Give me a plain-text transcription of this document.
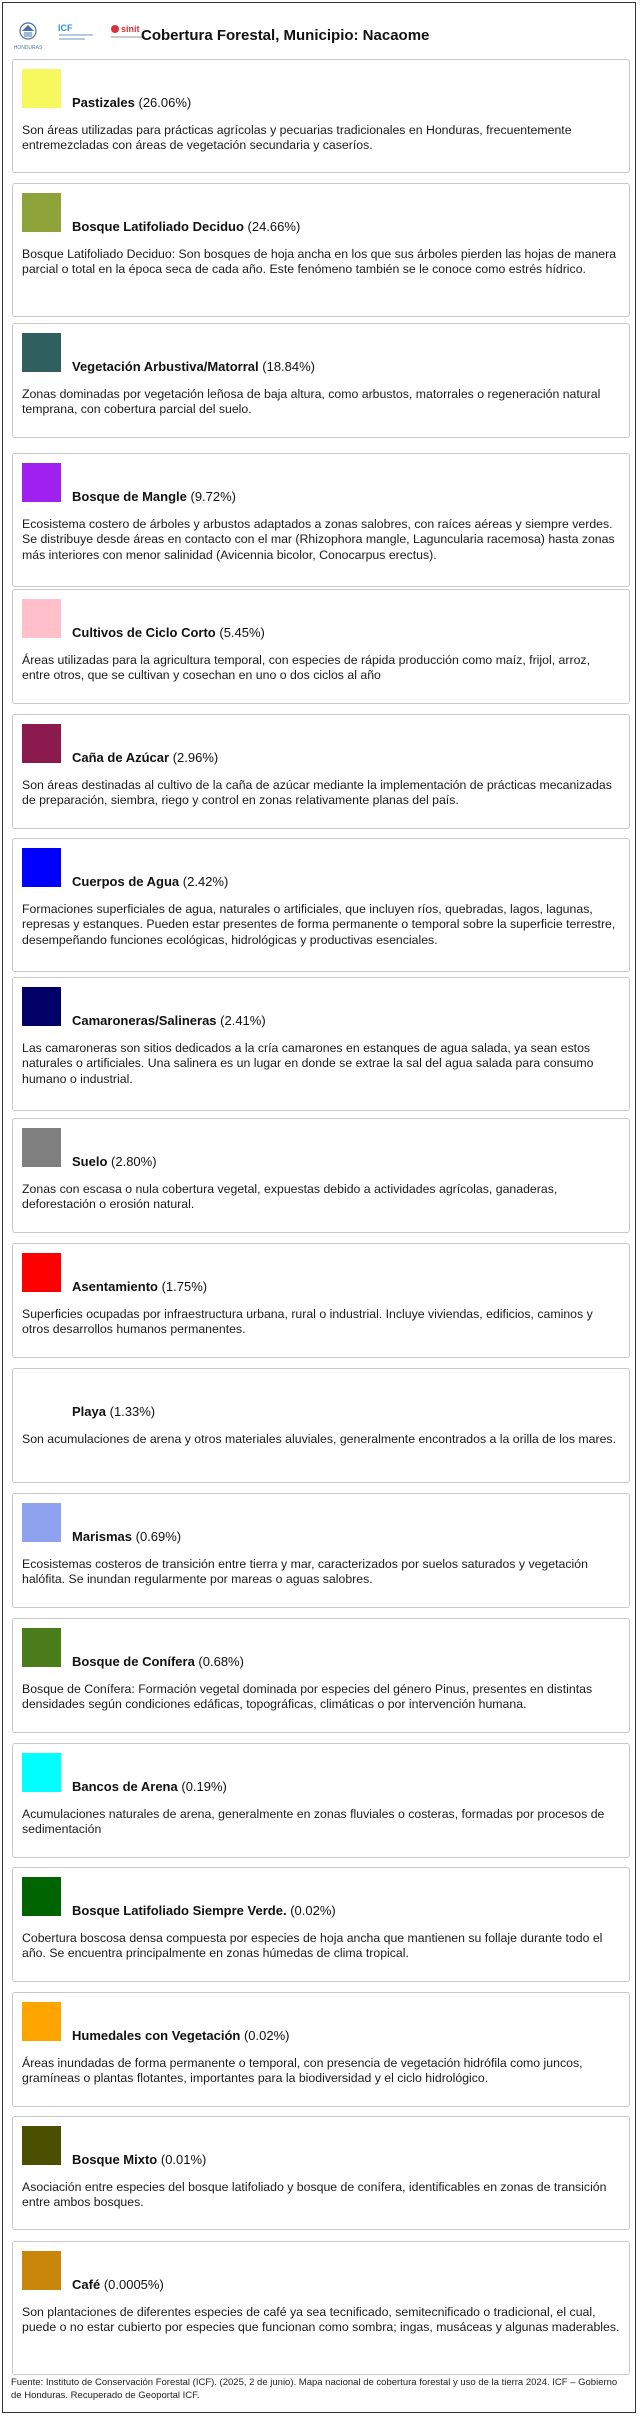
HONDURAS
ICF	sinit Cobertura Forestal, Municipio: Nacaome
Pastizales (26.06%)
Son áreas utilizadas para prácticas agrícolas y pecuarias tradicionales en Honduras, frecuentemente entremezcladas con áreas de vegetación secundaria y caseríos.
Bosque Latifoliado Deciduo (24.66%)
Bosque Latifoliado Deciduo: Son bosques de hoja ancha en los que sus árboles pierden las hojas de manera parcial o total en la época seca de cada año. Este fenómeno también se le conoce como estrés hídrico.
Vegetación Arbustiva/Matorral (18.84%)
Zonas dominadas por vegetación leñosa de baja altura, como arbustos, matorrales o regeneración natural temprana, con cobertura parcial del suelo.
Bosque de Mangle (9.72%)
Ecosistema costero de árboles y arbustos adaptados a zonas salobres, con raíces aéreas y siempre verdes. Se distribuye desde áreas en contacto con el mar (Rhizophora mangle, Laguncularia racemosa) hasta zonas más interiores con menor salinidad (Avicennia bicolor, Conocarpus erectus).
Cultivos de Ciclo Corto (5.45%)
Áreas utilizadas para la agricultura temporal, con especies de rápida producción como maíz, frijol, arroz, entre otros, que se cultivan y cosechan en uno o dos ciclos al año
Caña de Azúcar (2.96%)
Son áreas destinadas al cultivo de la caña de azúcar mediante la implementación de prácticas mecanizadas de preparación, siembra, riego y control en zonas relativamente planas del país.
Cuerpos de Agua (2.42%)
Formaciones superficiales de agua, naturales o artificiales, que incluyen ríos, quebradas, lagos, lagunas, represas y estanques. Pueden estar presentes de forma permanente o temporal sobre la superficie terrestre, desempeñando funciones ecológicas, hidrológicas y productivas esenciales.
Camaroneras/Salineras (2.41%)
Las camaroneras son sitios dedicados a la cría camarones en estanques de agua salada, ya sean estos naturales o artificiales. Una salinera es un lugar en donde se extrae la sal del agua salada para consumo humano o industrial.
Suelo (2.80%)
Zonas con escasa o nula cobertura vegetal, expuestas debido a actividades agrícolas, ganaderas, deforestación o erosión natural.
Asentamiento (1.75%)
Superficies ocupadas por infraestructura urbana, rural o industrial. Incluye viviendas, edificios, caminos y otros desarrollos humanos permanentes.
Playa (1.33%)
Son acumulaciones de arena y otros materiales aluviales, generalmente encontrados a la orilla de los mares.
Marismas (0.69%)
Ecosistemas costeros de transición entre tierra y mar, caracterizados por suelos saturados y vegetación halófita. Se inundan regularmente por mareas o aguas salobres.
Bosque de Conífera (0.68%)
Bosque de Conífera: Formación vegetal dominada por especies del género Pinus, presentes en distintas densidades según condiciones edáficas, topográficas, climáticas o por intervención humana.
Bancos de Arena (0.19%)
Acumulaciones naturales de arena, generalmente en zonas fluviales o costeras, formadas por procesos de sedimentación
Bosque Latifoliado Siempre Verde. (0.02%)
Cobertura boscosa densa compuesta por especies de hoja ancha que mantienen su follaje durante todo el año. Se encuentra principalmente en zonas húmedas de clima tropical.
Humedales con Vegetación (0.02%)
Áreas inundadas de forma permanente o temporal, con presencia de vegetación hidrófila como juncos, gramíneas o plantas flotantes, importantes para la biodiversidad y el ciclo hidrológico.
Bosque Mixto (0.01%)
Asociación entre especies del bosque latifoliado y bosque de conífera, identificables en zonas de transición entre ambos bosques.
Café (0.0005%)
Son plantaciones de diferentes especies de café ya sea tecnificado, semitecnificado o tradicional, el cual, puede o no estar cubierto por especies que funcionan como sombra; ingas, musáceas y algunas maderables.
Fuente: Instituto de Conservación Forestal (ICF). (2025, 2 de junio). Mapa nacional de cobertura forestal y uso de la tierra 2024. ICF – Gobierno de Honduras. Recuperado de Geoportal ICF.
